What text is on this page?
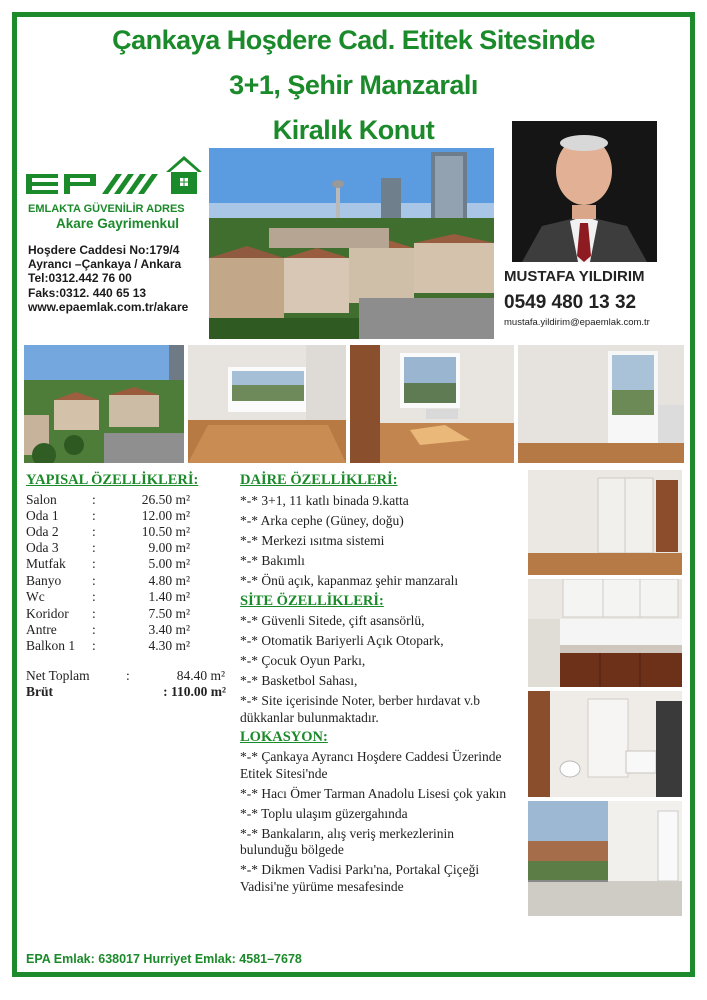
Çankaya Hoşdere Cad. Etitek Sitesinde
3+1, Şehir Manzaralı
Kiralık Konut
EMLAKTA GÜVENİLİR ADRES
Akare Gayrimenkul
Hoşdere Caddesi No:179/4
Ayrancı –Çankaya / Ankara
Tel:0312.442 76 00
Faks:0312. 440 65 13
www.epaemlak.com.tr/akare
MUSTAFA YILDIRIM
0549 480 13 32
mustafa.yildirim@epaemlak.com.tr
YAPISAL ÖZELLİKLERİ:
Salon	:	26.50 m²
Oda 1 :	12.00 m²
Oda 2 :	10.50 m²
Oda 3 :	9.00 m²
Mutfak :	5.00 m²
Banyo :	4.80 m²
Wc	:	1.40 m²
Koridor :	7.50 m²
Antre	:	3.40 m²
Balkon 1 :	4.30 m²
Net Toplam	:	84.40 m²
Brüt	: 110.00 m²
DAİRE ÖZELLİKLERİ:
*-* 3+1, 11 katlı binada 9.katta
*-* Arka cephe (Güney, doğu)
*-* Merkezi ısıtma sistemi
*-* Bakımlı
*-* Önü açık, kapanmaz şehir manzaralı
SİTE ÖZELLİKLERİ:
*-* Güvenli Sitede, çift asansörlü,
*-* Otomatik Bariyerli Açık Otopark,
*-* Çocuk Oyun Parkı,
*-* Basketbol Sahası,
*-* Site içerisinde Noter, berber hırdavat v.b dükkanlar bulunmaktadır.
LOKASYON:
*-* Çankaya Ayrancı Hoşdere Caddesi Üzerinde Etitek Sitesi'nde
*-* Hacı Ömer Tarman Anadolu Lisesi çok yakın
*-* Toplu ulaşım güzergahında
*-* Bankaların, alış veriş merkezlerinin bulunduğu bölgede
*-* Dikmen Vadisi Parkı'na, Portakal Çiçeği Vadisi'ne yürüme mesafesinde
EPA Emlak: 638017 Hurriyet Emlak: 4581–7678
